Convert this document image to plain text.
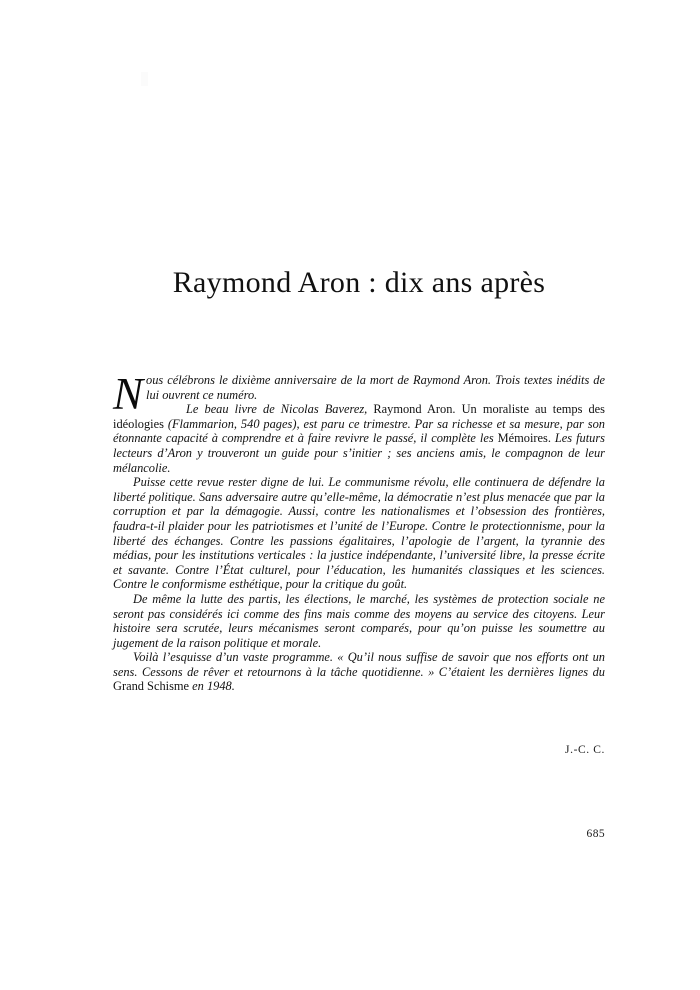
Raymond Aron : dix ans après

Nous célébrons le dixième anniversaire de la mort de Raymond Aron. Trois textes inédits de lui ouvrent ce numéro.

Le beau livre de Nicolas Baverez, Raymond Aron. Un moraliste au temps des idéologies (Flammarion, 540 pages), est paru ce trimestre. Par sa richesse et sa mesure, par son étonnante capacité à comprendre et à faire revivre le passé, il complète les Mémoires. Les futurs lecteurs d’Aron y trouveront un guide pour s’initier ; ses anciens amis, le compagnon de leur mélancolie.

Puisse cette revue rester digne de lui. Le communisme révolu, elle continuera de défendre la liberté politique. Sans adversaire autre qu’elle-même, la démocratie n’est plus menacée que par la corruption et par la démagogie. Aussi, contre les nationalismes et l’obsession des frontières, faudra-t-il plaider pour les patriotismes et l’unité de l’Europe. Contre le protectionnisme, pour la liberté des échanges. Contre les passions égalitaires, l’apologie de l’argent, la tyrannie des médias, pour les institutions verticales : la justice indépendante, l’université libre, la presse écrite et savante. Contre l’État culturel, pour l’éducation, les humanités classiques et les sciences. Contre le conformisme esthétique, pour la critique du goût.

De même la lutte des partis, les élections, le marché, les systèmes de protection sociale ne seront pas considérés ici comme des fins mais comme des moyens au service des citoyens. Leur histoire sera scrutée, leurs mécanismes seront comparés, pour qu’on puisse les soumettre au jugement de la raison politique et morale.

Voilà l’esquisse d’un vaste programme. « Qu’il nous suffise de savoir que nos efforts ont un sens. Cessons de rêver et retournons à la tâche quotidienne. » C’étaient les dernières lignes du Grand Schisme en 1948.

J.-C. C.
685
